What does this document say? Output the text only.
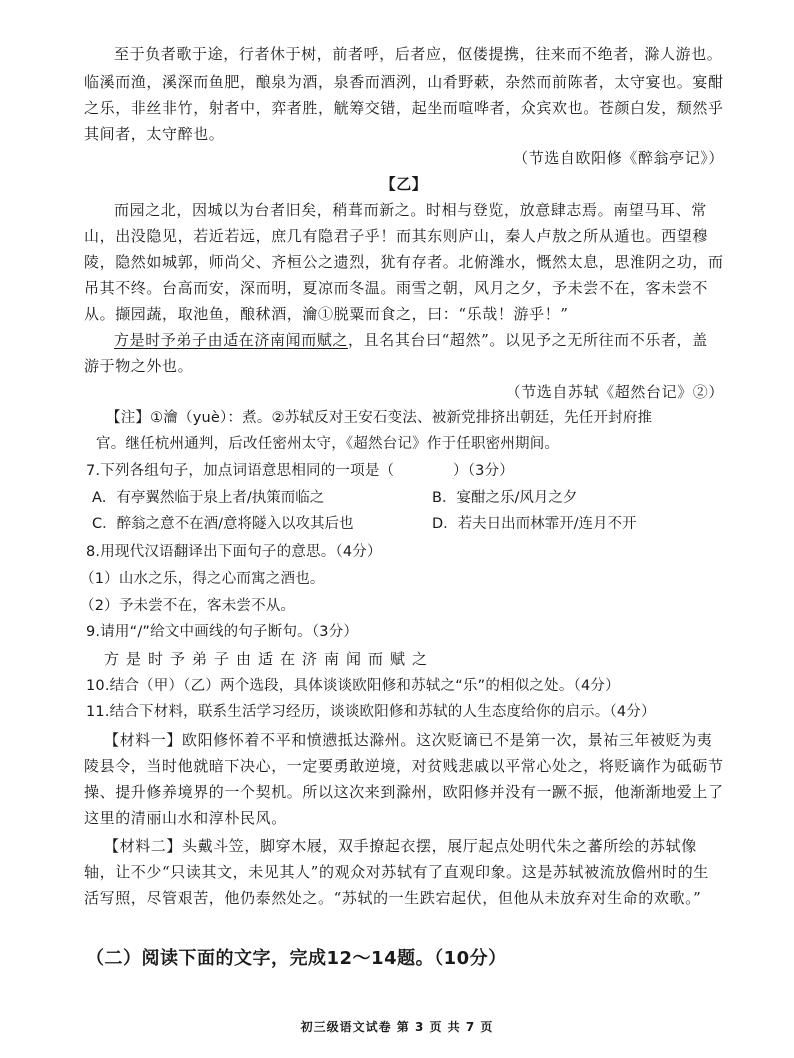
至于负者歌于途，行者休于树，前者呼，后者应，伛偻提携，往来而不绝者，滁人游也。
临溪而渔，溪深而鱼肥，酿泉为酒，泉香而酒洌，山肴野蔌，杂然而前陈者，太守宴也。宴酣
之乐，非丝非竹，射者中，弈者胜，觥筹交错，起坐而喧哗者，众宾欢也。苍颜白发，颓然乎
其间者，太守醉也。
（节选自欧阳修《醉翁亭记》）
【乙】
而园之北，因城以为台者旧矣，稍葺而新之。时相与登览，放意肆志焉。南望马耳、常
山，出没隐见，若近若远，庶几有隐君子乎！而其东则庐山，秦人卢敖之所从遁也。西望穆
陵，隐然如城郭，师尚父、齐桓公之遗烈，犹有存者。北俯潍水，慨然太息，思淮阴之功，而
吊其不终。台高而安，深而明，夏凉而冬温。雨雪之朝，风月之夕，予未尝不在，客未尝不
从。撷园蔬，取池鱼，酿秫酒，瀹①脱粟而食之，曰：“乐哉！游乎！”
方是时予弟子由适在济南闻而赋之，且名其台曰“超然”。以见予之无所往而不乐者，盖
游于物之外也。
（节选自苏轼《超然台记》②）
【注】①瀹（yuè）：煮。②苏轼反对王安石变法、被新党排挤出朝廷，先任开封府推
官。继任杭州通判，后改任密州太守，《超然台记》作于任职密州期间。
7.下列各组句子，加点词语意思相同的一项是（　　　　）（3分）
A．有亭翼然临于泉上者/执策而临之	B．宴酣之乐/风月之夕
C．醉翁之意不在酒/意将隧入以攻其后也	D．若夫日出而林霏开/连月不开
8.用现代汉语翻译出下面句子的意思。（4分）
（1）山水之乐，得之心而寓之酒也。
（2）予未尝不在，客未尝不从。
9.请用“/”给文中画线的句子断句。（3分）
方是时予弟子由适在济南闻而赋之
10.结合（甲）（乙）两个选段，具体谈谈欧阳修和苏轼之“乐”的相似之处。（4分）
11.结合下材料，联系生活学习经历，谈谈欧阳修和苏轼的人生态度给你的启示。（4分）
【材料一】欧阳修怀着不平和愤懑抵达滁州。这次贬谪已不是第一次，景祐三年被贬为夷
陵县令，当时他就暗下决心，一定要勇敢逆境，对贫贱悲戚以平常心处之，将贬谪作为砥砺节
操、提升修养境界的一个契机。所以这次来到滁州，欧阳修并没有一蹶不振，他渐渐地爱上了
这里的清丽山水和淳朴民风。
【材料二】头戴斗笠，脚穿木屐，双手撩起衣摆，展厅起点处明代朱之蕃所绘的苏轼像
轴，让不少“只读其文，未见其人”的观众对苏轼有了直观印象。这是苏轼被流放儋州时的生
活写照，尽管艰苦，他仍泰然处之。“苏轼的一生跌宕起伏，但他从未放弃对生命的欢歌。”
（二）阅读下面的文字，完成12～14题。（10分）
初三级语文试卷 第 3 页 共 7 页
